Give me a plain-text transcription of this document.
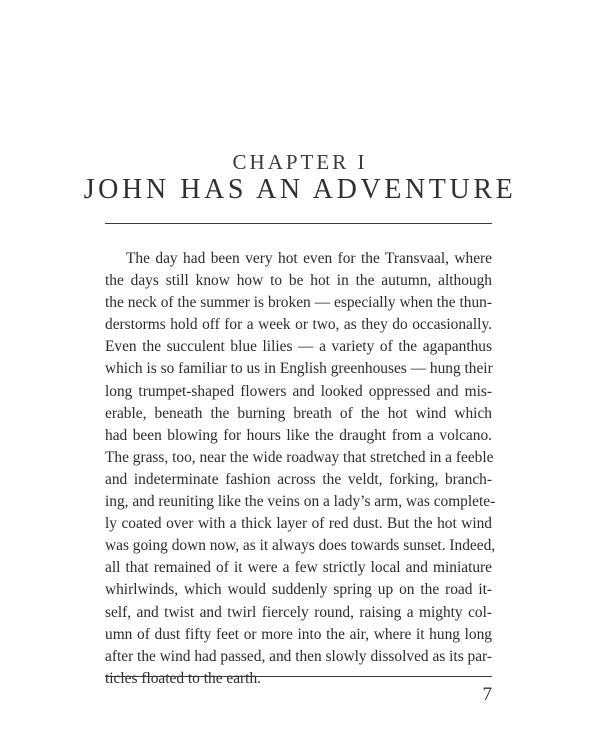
CHAPTER I
JOHN HAS AN ADVENTURE
The day had been very hot even for the Transvaal, where
the days still know how to be hot in the autumn, although
the neck of the summer is broken — especially when the thun-
derstorms hold off for a week or two, as they do occasionally.
Even the succulent blue lilies — a variety of the agapanthus
which is so familiar to us in English greenhouses — hung their
long trumpet-shaped flowers and looked oppressed and mis-
erable, beneath the burning breath of the hot wind which
had been blowing for hours like the draught from a volcano.
The grass, too, near the wide roadway that stretched in a feeble
and indeterminate fashion across the veldt, forking, branch-
ing, and reuniting like the veins on a lady’s arm, was complete-
ly coated over with a thick layer of red dust. But the hot wind
was going down now, as it always does towards sunset. Indeed,
all that remained of it were a few strictly local and miniature
whirlwinds, which would suddenly spring up on the road it-
self, and twist and twirl fiercely round, raising a mighty col-
umn of dust fifty feet or more into the air, where it hung long
after the wind had passed, and then slowly dissolved as its par-
ticles floated to the earth.
7
